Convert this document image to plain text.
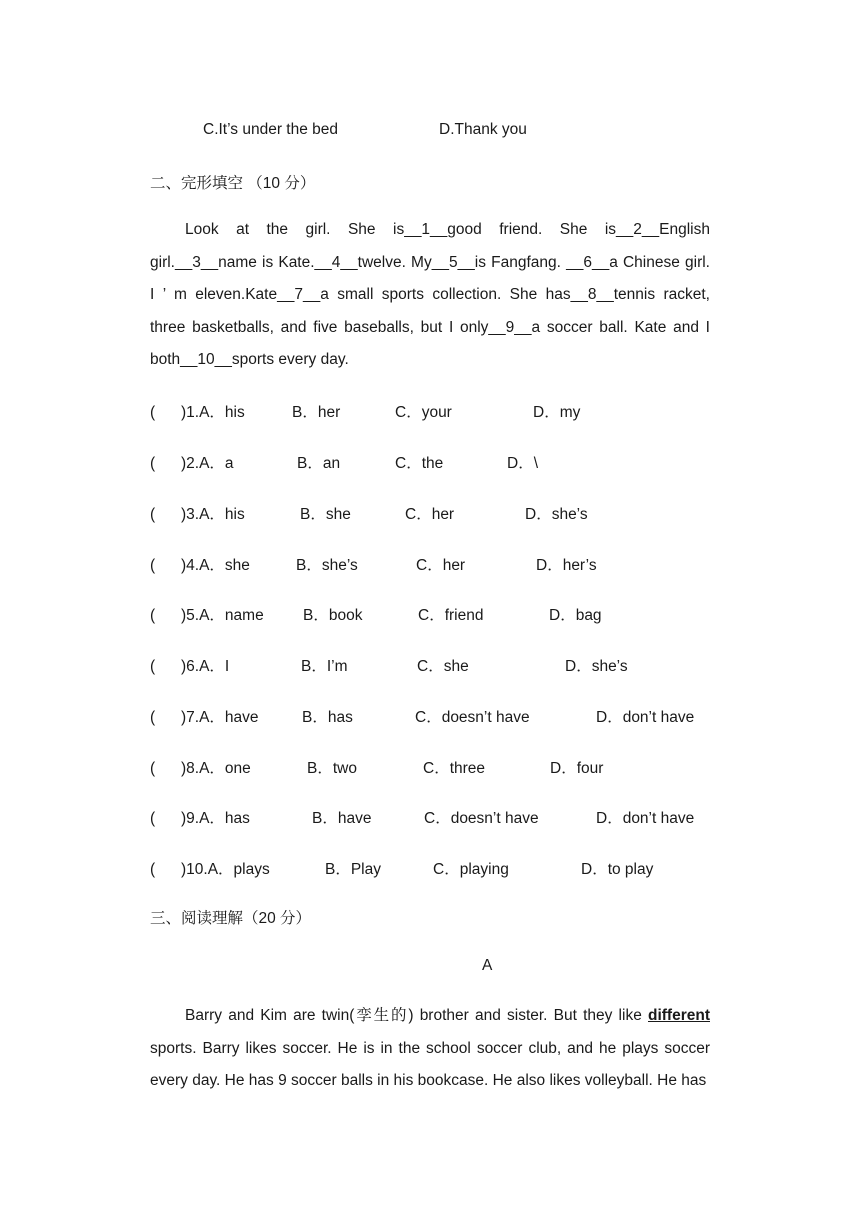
C.It’s under the bed	D.Thank you
二、完形填空 （10 分）

Look at the girl. She is__1__good friend. She is__2__English girl.__3__name is Kate.__4__twelve. My__5__is Fangfang. __6__a Chinese girl. I ’ m eleven.Kate__7__a small sports collection. She has__8__tennis racket, three basketballs, and five baseballs, but I only__9__a soccer ball. Kate and I both__10__sports every day.

(      )1.A．his	B．her	C．your	D．my
(      )2.A．a	B．an	C．the	D．\
(      )3.A．his	B．she	C．her	D．she’s
(      )4.A．she	B．she’s	C．her	D．her’s
(      )5.A．name	B．book	C．friend	D．bag
(      )6.A．I	B．I’m	C．she	D．she’s
(      )7.A．have	B．has	C．doesn’t have	D．don’t have
(      )8.A．one	B．two	C．three	D．four
(      )9.A．has	B．have	C．doesn’t have	D．don’t have
(      )10.A．plays	B．Play	C．playing	D．to play
三、阅读理解（20 分）
A

Barry and Kim are twin(孪生的) brother and sister. But they like different sports. Barry likes soccer. He is in the school soccer club, and he plays soccer every day. He has 9 soccer balls in his bookcase. He also likes volleyball. He has
